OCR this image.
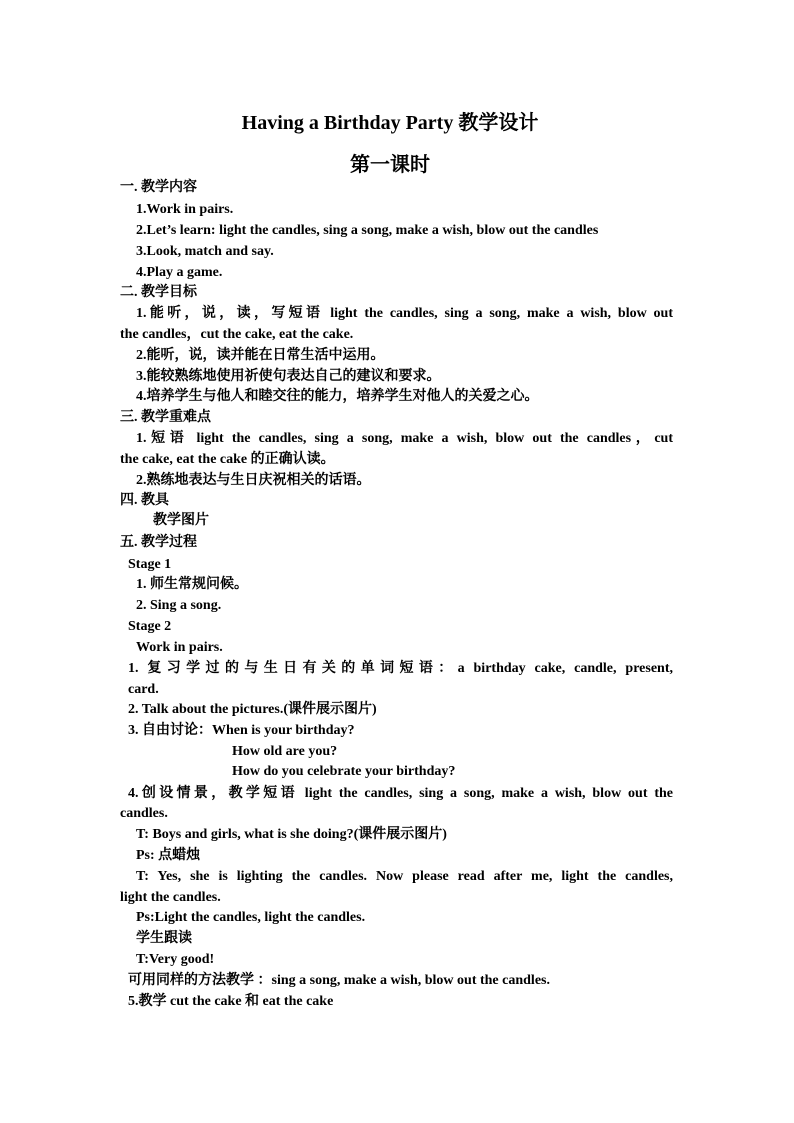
Having a Birthday Party 教学设计
第一课时
一. 教学内容
1.Work in pairs.
2.Let’s learn: light the candles, sing a song, make a wish, blow out the candles
3.Look, match and say.
4.Play a game.
二. 教学目标
1.能听，说，读，写短语 light the candles, sing a song, make a wish, blow out
the candles，cut the cake, eat the cake.
2.能听，说，读并能在日常生活中运用。
3.能较熟练地使用祈使句表达自己的建议和要求。
4.培养学生与他人和睦交往的能力，培养学生对他人的关爱之心。
三. 教学重难点
1.短语 light the candles, sing a song, make a wish, blow out the candles，cut
the cake, eat the cake 的正确认读。
2.熟练地表达与生日庆祝相关的话语。
四. 教具
教学图片
五. 教学过程
Stage 1
1. 师生常规问候。
2. Sing a song.
Stage 2
Work in pairs.
1. 复习学过的与生日有关的单词短语：a birthday cake, candle, present,
card.
2. Talk about the pictures.(课件展示图片)
3. 自由讨论：When is your birthday?
How old are you?
How do you celebrate your birthday?
4.创设情景，教学短语 light the candles, sing a song, make a wish, blow out the
candles.
T: Boys and girls, what is she doing?(课件展示图片)
Ps: 点蜡烛
T: Yes, she is lighting the candles. Now please read after me, light the candles,
light the candles.
Ps:Light the candles, light the candles.
学生跟读
T:Very good!
可用同样的方法教学 ：sing a song, make a wish, blow out the candles.
5.教学 cut the cake 和 eat the cake
